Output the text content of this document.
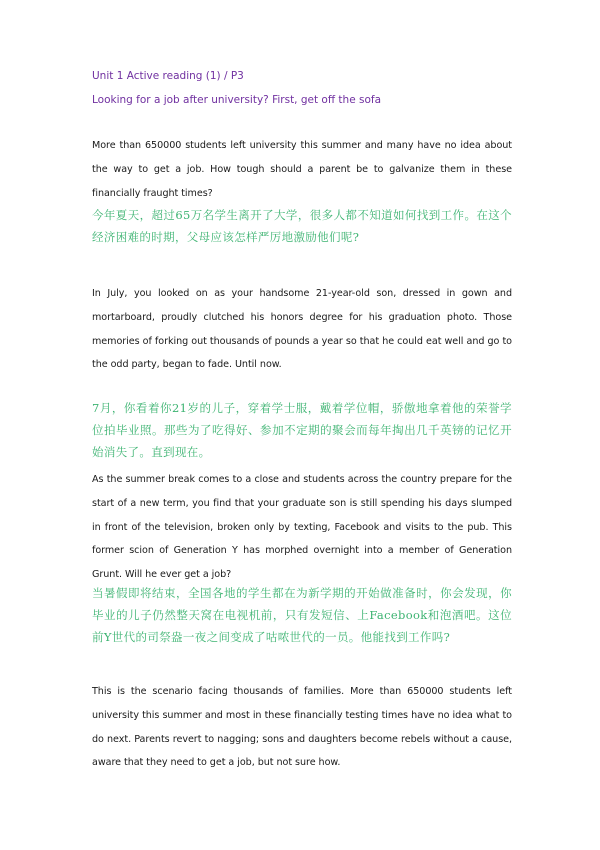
Unit 1 Active reading (1) / P3
Looking for a job after university? First, get off the sofa

More than 650000 students left university this summer and many have no idea about the way to get a job. How tough should a parent be to galvanize them in these financially fraught times?

今年夏天，超过65万名学生离开了大学，很多人都不知道如何找到工作。在这个经济困难的时期，父母应该怎样严厉地激励他们呢?

In July, you looked on as your handsome 21-year-old son, dressed in gown and mortarboard, proudly clutched his honors degree for his graduation photo. Those memories of forking out thousands of pounds a year so that he could eat well and go to the odd party, began to fade. Until now.

7月，你看着你21岁的儿子，穿着学士服，戴着学位帽，骄傲地拿着他的荣誉学位拍毕业照。那些为了吃得好、参加不定期的聚会而每年掏出几千英镑的记忆开始消失了。直到现在。

As the summer break comes to a close and students across the country prepare for the start of a new term, you find that your graduate son is still spending his days slumped in front of the television, broken only by texting, Facebook and visits to the pub. This former scion of Generation Y has morphed overnight into a member of Generation Grunt. Will he ever get a job?

当暑假即将结束，全国各地的学生都在为新学期的开始做准备时，你会发现，你毕业的儿子仍然整天窝在电视机前，只有发短信、上Facebook和泡酒吧。这位前Y世代的司祭盎一夜之间变成了咕哝世代的一员。他能找到工作吗?

This is the scenario facing thousands of families. More than 650000 students left university this summer and most in these financially testing times have no idea what to do next. Parents revert to nagging; sons and daughters become rebels without a cause, aware that they need to get a job, but not sure how.
